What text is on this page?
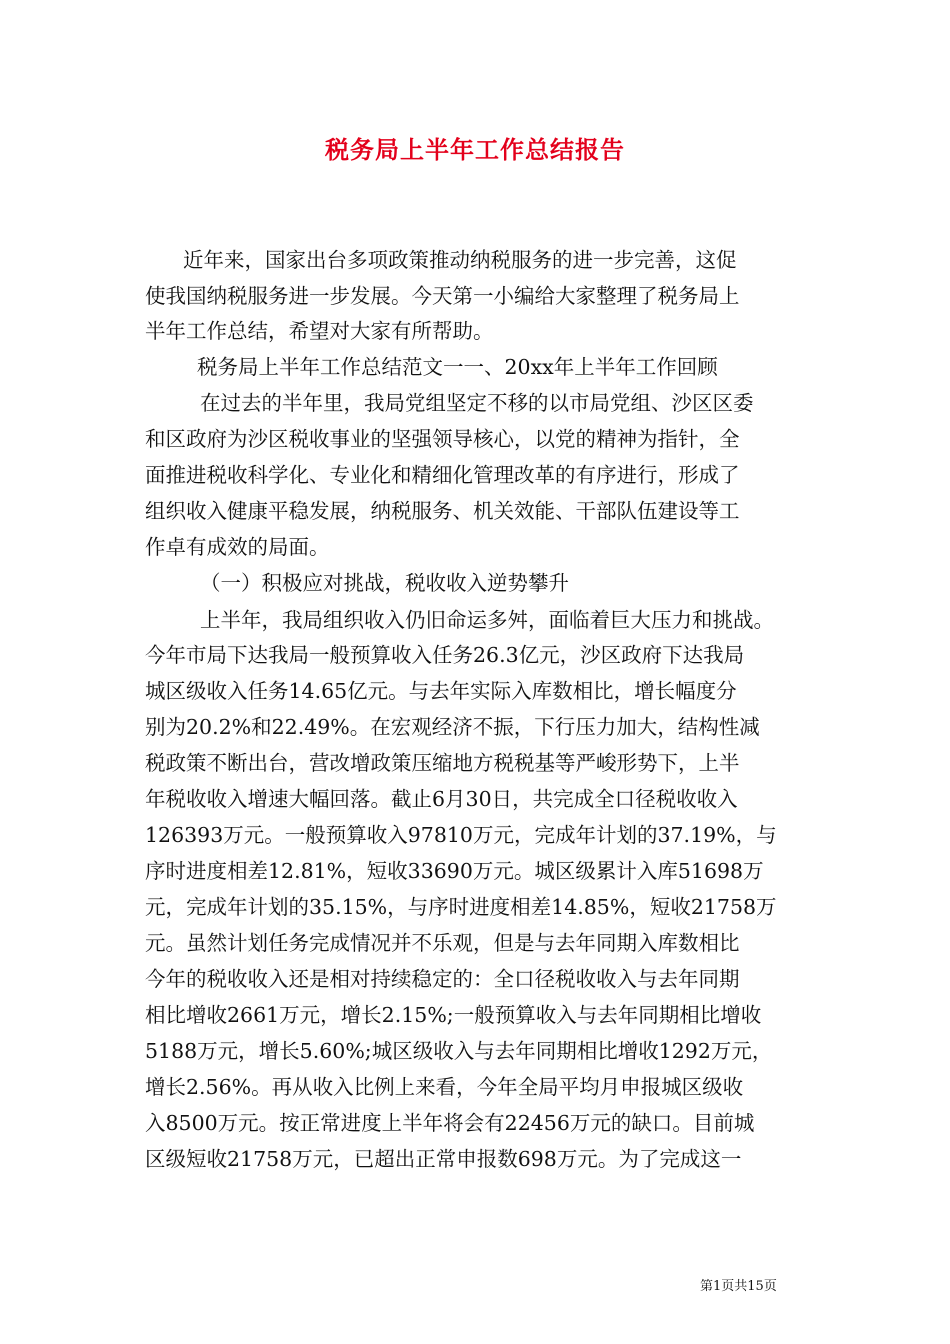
税务局上半年工作总结报告
近年来，国家出台多项政策推动纳税服务的进一步完善，这促
使我国纳税服务进一步发展。今天第一小编给大家整理了税务局上
半年工作总结，希望对大家有所帮助。
税务局上半年工作总结范文一一、20xx年上半年工作回顾
在过去的半年里，我局党组坚定不移的以市局党组、沙区区委
和区政府为沙区税收事业的坚强领导核心，以党的精神为指针，全
面推进税收科学化、专业化和精细化管理改革的有序进行，形成了
组织收入健康平稳发展，纳税服务、机关效能、干部队伍建设等工
作卓有成效的局面。
（一）积极应对挑战，税收收入逆势攀升
上半年，我局组织收入仍旧命运多舛，面临着巨大压力和挑战。
今年市局下达我局一般预算收入任务26.3亿元，沙区政府下达我局
城区级收入任务14.65亿元。与去年实际入库数相比，增长幅度分
别为20.2%和22.49%。在宏观经济不振，下行压力加大，结构性减
税政策不断出台，营改增政策压缩地方税税基等严峻形势下，上半
年税收收入增速大幅回落。截止6月30日，共完成全口径税收收入
126393万元。一般预算收入97810万元，完成年计划的37.19%，与
序时进度相差12.81%，短收33690万元。城区级累计入库51698万
元，完成年计划的35.15%，与序时进度相差14.85%，短收21758万
元。虽然计划任务完成情况并不乐观，但是与去年同期入库数相比
今年的税收收入还是相对持续稳定的：全口径税收收入与去年同期
相比增收2661万元，增长2.15%;一般预算收入与去年同期相比增收
5188万元，增长5.60%;城区级收入与去年同期相比增收1292万元，
增长2.56%。再从收入比例上来看，今年全局平均月申报城区级收
入8500万元。按正常进度上半年将会有22456万元的缺口。目前城
区级短收21758万元，已超出正常申报数698万元。为了完成这一
第1页共15页
